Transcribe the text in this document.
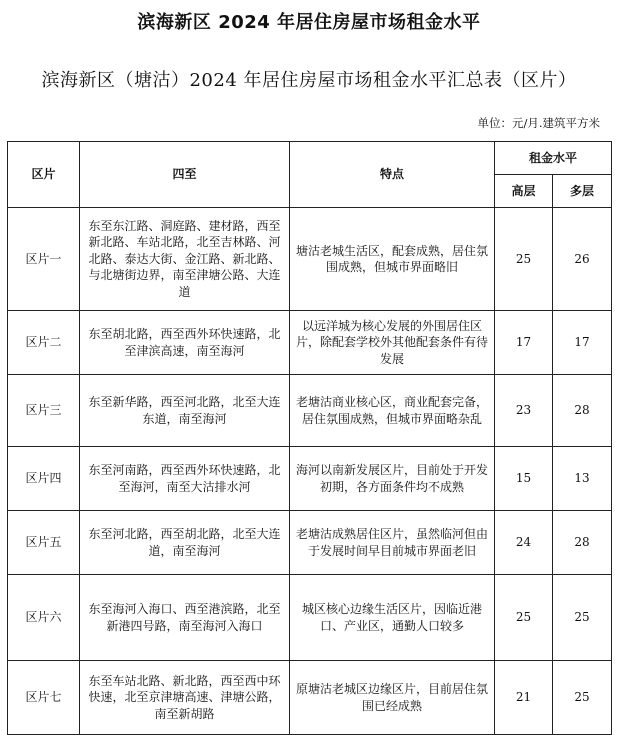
滨海新区 2024 年居住房屋市场租金水平
滨海新区（塘沽）2024 年居住房屋市场租金水平汇总表（区片）
单位：元/月.建筑平方米
区片	四至	特点	租金水平	
			高层	多层
区片一	东至东江路、洞庭路、建材路，西至新北路、车站北路，北至吉林路、河北路、泰达大街、金江路、新北路、与北塘街边界，南至津塘公路、大连道	塘沽老城生活区，配套成熟，居住氛围成熟，但城市界面略旧	25	26
区片二	东至胡北路，西至西外环快速路，北至津滨高速，南至海河	以远洋城为核心发展的外围居住区片，除配套学校外其他配套条件有待发展	17	17
区片三	东至新华路，西至河北路，北至大连东道，南至海河	老塘沽商业核心区，商业配套完备，居住氛围成熟，但城市界面略杂乱	23	28
区片四	东至河南路，西至西外环快速路，北至海河，南至大沽排水河	海河以南新发展区片，目前处于开发初期，各方面条件均不成熟	15	13
区片五	东至河北路，西至胡北路，北至大连道，南至海河	老塘沽成熟居住区片，虽然临河但由于发展时间早目前城市界面老旧	24	28
区片六	东至海河入海口、西至港滨路，北至新港四号路，南至海河入海口	城区核心边缘生活区片，因临近港口、产业区，通勤人口较多	25	25
区片七	东至车站北路、新北路，西至西中环快速，北至京津塘高速、津塘公路，南至新胡路	原塘沽老城区边缘区片，目前居住氛围已经成熟	21	25
